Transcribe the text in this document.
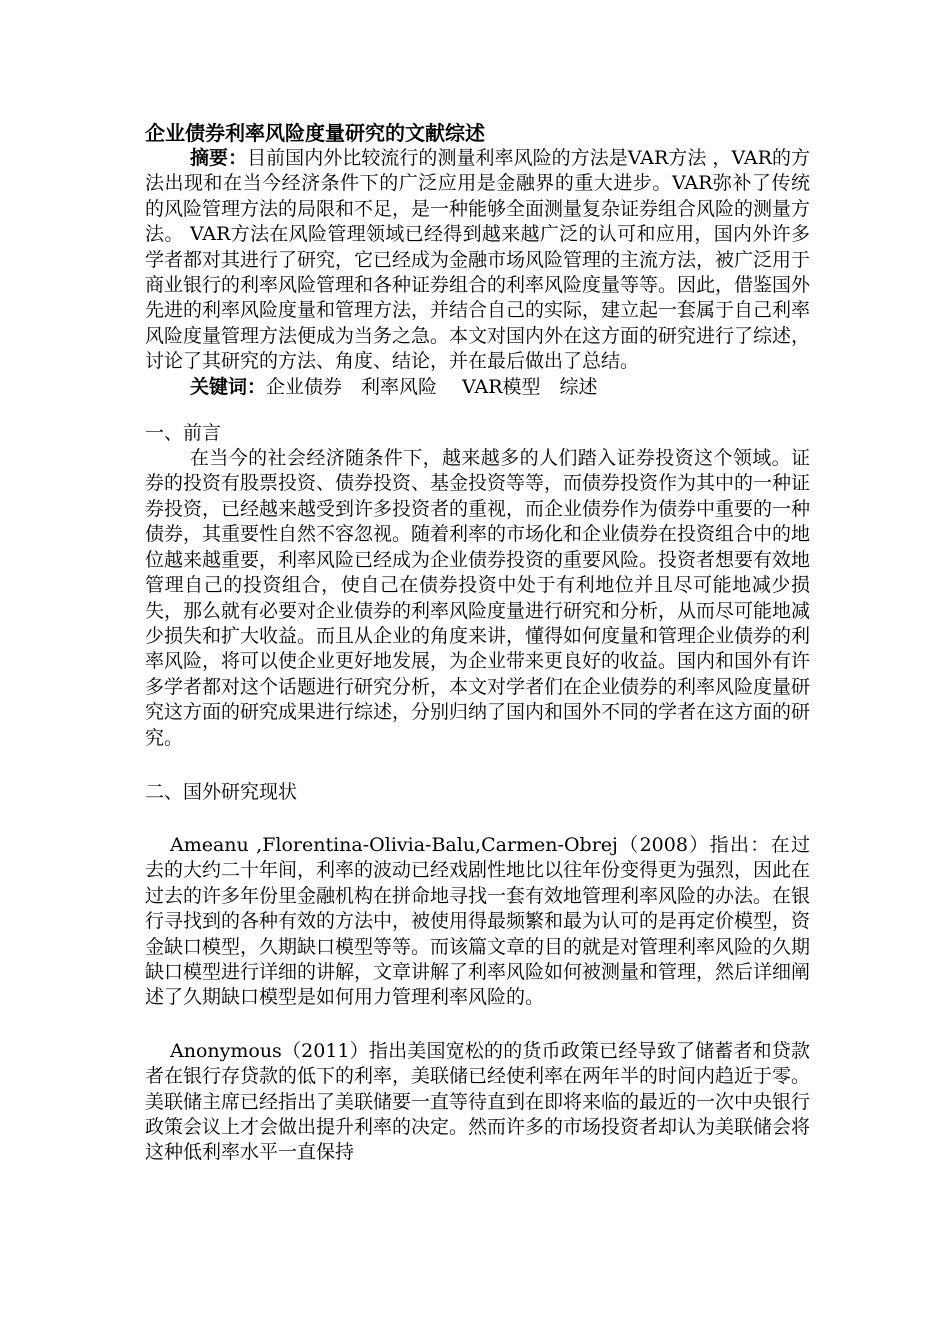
企业债券利率风险度量研究的文献综述

摘要：目前国内外比较流行的测量利率风险的方法是VAR方法 ，VAR的方法出现和在当今经济条件下的广泛应用是金融界的重大进步。VAR弥补了传统的风险管理方法的局限和不足，是一种能够全面测量复杂证券组合风险的测量方法。 VAR方法在风险管理领域已经得到越来越广泛的认可和应用，国内外许多学者都对其进行了研究，它已经成为金融市场风险管理的主流方法，被广泛用于商业银行的利率风险管理和各种证券组合的利率风险度量等等。因此，借鉴国外先进的利率风险度量和管理方法，并结合自己的实际，建立起一套属于自己利率风险度量管理方法便成为当务之急。本文对国内外在这方面的研究进行了综述，讨论了其研究的方法、角度、结论，并在最后做出了总结。

关键词：企业债券　利率风险　 VAR模型　综述

一、前言

在当今的社会经济随条件下，越来越多的人们踏入证券投资这个领域。证券的投资有股票投资、债券投资、基金投资等等，而债券投资作为其中的一种证券投资，已经越来越受到许多投资者的重视，而企业债券作为债券中重要的一种债券，其重要性自然不容忽视。随着利率的市场化和企业债券在投资组合中的地位越来越重要，利率风险已经成为企业债券投资的重要风险。投资者想要有效地管理自己的投资组合，使自己在债券投资中处于有利地位并且尽可能地减少损失，那么就有必要对企业债券的利率风险度量进行研究和分析，从而尽可能地减少损失和扩大收益。而且从企业的角度来讲，懂得如何度量和管理企业债券的利率风险，将可以使企业更好地发展，为企业带来更良好的收益。国内和国外有许多学者都对这个话题进行研究分析，本文对学者们在企业债券的利率风险度量研究这方面的研究成果进行综述，分别归纳了国内和国外不同的学者在这方面的研究。

二、国外研究现状

Ameanu ,Florentina-Olivia-Balu,Carmen-Obrej（2008）指出：在过去的大约二十年间，利率的波动已经戏剧性地比以往年份变得更为强烈，因此在过去的许多年份里金融机构在拼命地寻找一套有效地管理利率风险的办法。在银行寻找到的各种有效的方法中，被使用得最频繁和最为认可的是再定价模型，资金缺口模型，久期缺口模型等等。而该篇文章的目的就是对管理利率风险的久期缺口模型进行详细的讲解，文章讲解了利率风险如何被测量和管理，然后详细阐述了久期缺口模型是如何用力管理利率风险的。

Anonymous（2011）指出美国宽松的的货币政策已经导致了储蓄者和贷款者在银行存贷款的低下的利率，美联储已经使利率在两年半的时间内趋近于零。美联储主席已经指出了美联储要一直等待直到在即将来临的最近的一次中央银行政策会议上才会做出提升利率的决定。然而许多的市场投资者却认为美联储会将这种低利率水平一直保持
